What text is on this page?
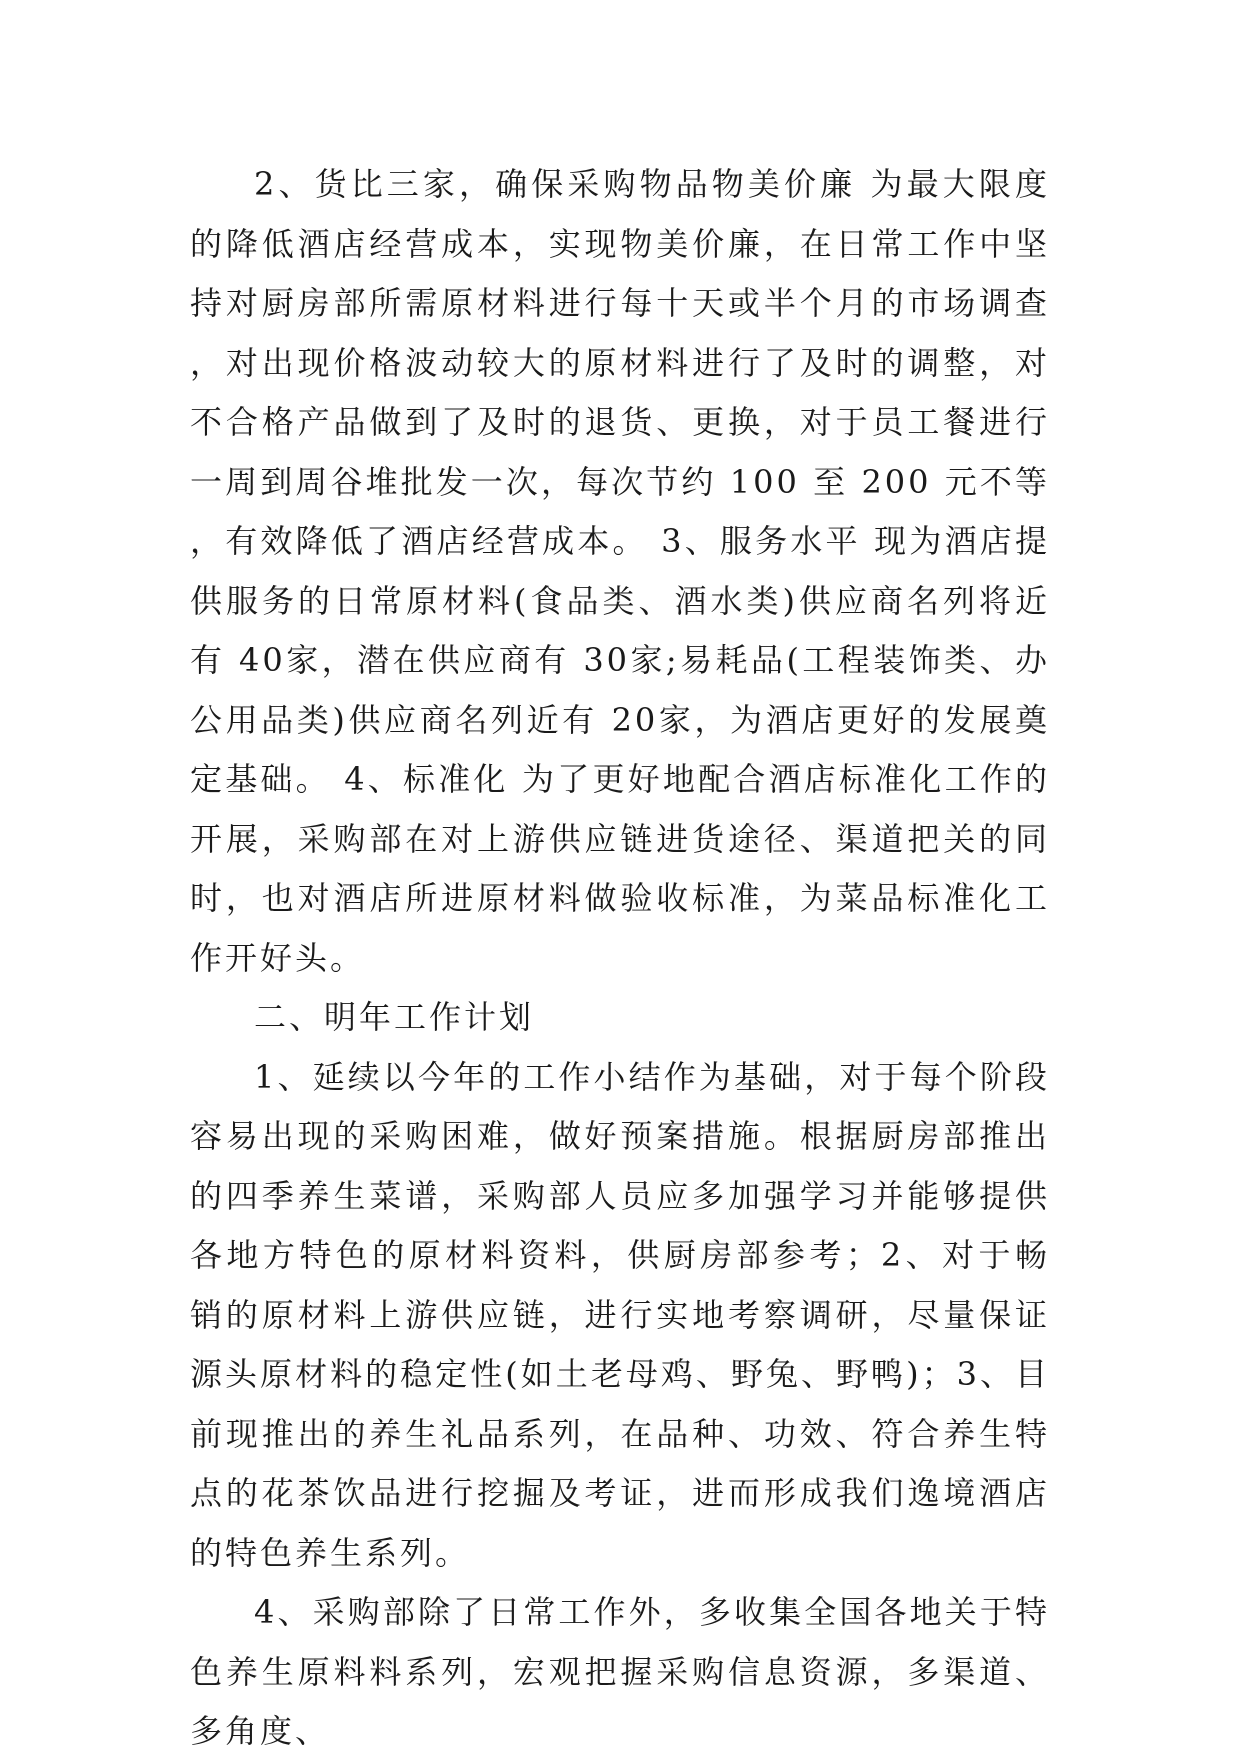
2、货比三家，确保采购物品物美价廉 为最大限度的降低酒店经营成本，实现物美价廉，在日常工作中坚持对厨房部所需原材料进行每十天或半个月的市场调查，对出现价格波动较大的原材料进行了及时的调整，对不合格产品做到了及时的退货、更换，对于员工餐进行一周到周谷堆批发一次，每次节约 100 至 200 元不等，有效降低了酒店经营成本。 3、服务水平 现为酒店提供服务的日常原材料(食品类、酒水类)供应商名列将近有 40家，潜在供应商有 30家;易耗品(工程装饰类、办公用品类)供应商名列近有 20家，为酒店更好的发展奠定基础。 4、标准化 为了更好地配合酒店标准化工作的开展，采购部在对上游供应链进货途径、渠道把关的同时，也对酒店所进原材料做验收标准，为菜品标准化工作开好头。

二、明年工作计划

1、延续以今年的工作小结作为基础，对于每个阶段容易出现的采购困难，做好预案措施。根据厨房部推出的四季养生菜谱，采购部人员应多加强学习并能够提供各地方特色的原材料资料，供厨房部参考；2、对于畅销的原材料上游供应链，进行实地考察调研，尽量保证源头原材料的稳定性(如土老母鸡、野兔、野鸭)；3、目前现推出的养生礼品系列，在品种、功效、符合养生特点的花茶饮品进行挖掘及考证，进而形成我们逸境酒店的特色养生系列。

4、采购部除了日常工作外，多收集全国各地关于特色养生原料料系列，宏观把握采购信息资源，多渠道、多角度、
